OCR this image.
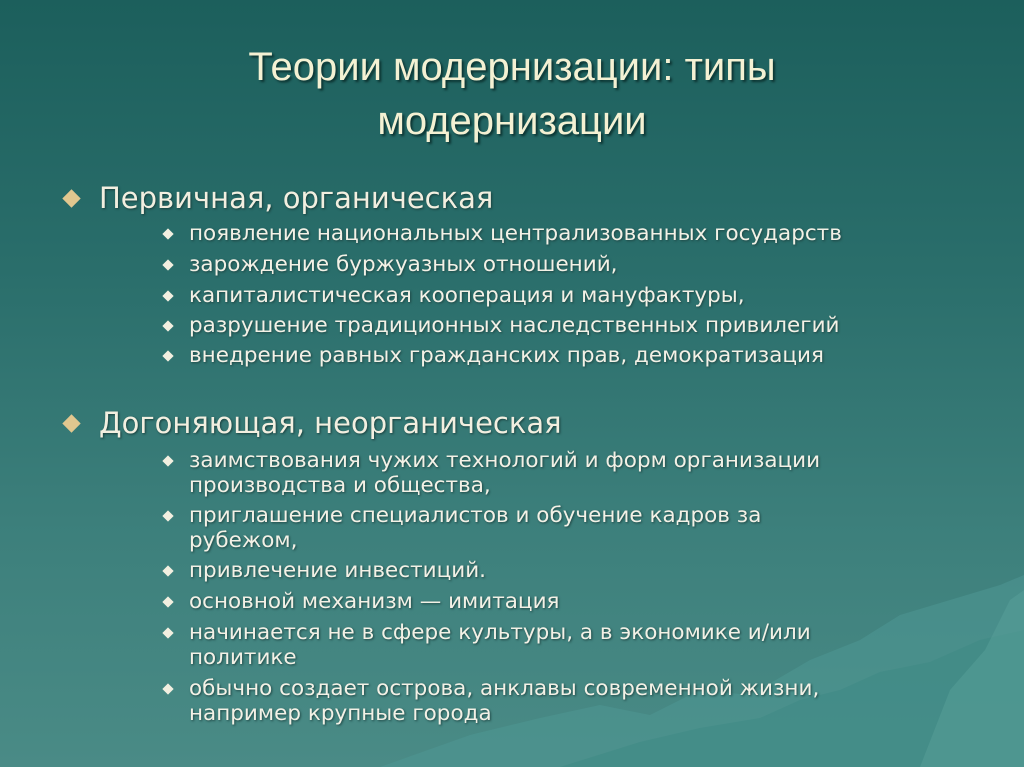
Теории модернизации: типы
модернизации
Первичная, органическая
появление национальных централизованных государств
зарождение буржуазных отношений,
капиталистическая кооперация и мануфактуры,
разрушение традиционных наследственных привилегий
внедрение равных гражданских прав, демократизация
Догоняющая, неорганическая
заимствования чужих технологий и форм организации
производства и общества,
приглашение специалистов и обучение кадров за
рубежом,
привлечение инвестиций.
основной механизм — имитация
начинается не в сфере культуры, а в экономике и/или
политике
обычно создает острова, анклавы современной жизни,
например крупные города
